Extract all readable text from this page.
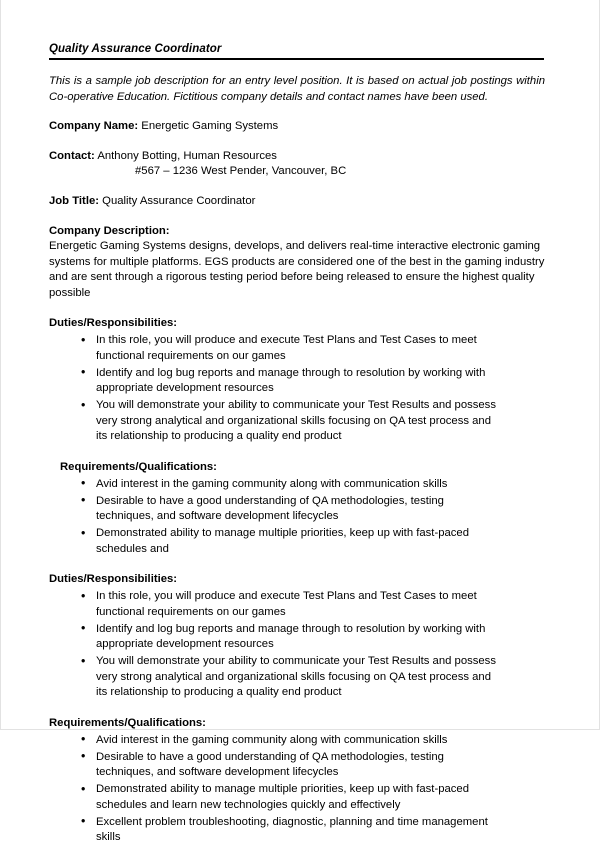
Quality Assurance Coordinator
This is a sample job description for an entry level position. It is based on actual job postings within Co-operative Education. Fictitious company details and contact names have been used.
Company Name: Energetic Gaming Systems
Contact: Anthony Botting, Human Resources
#567 – 1236 West Pender, Vancouver, BC
Job Title: Quality Assurance Coordinator
Company Description:
Energetic Gaming Systems designs, develops, and delivers real-time interactive electronic gaming systems for multiple platforms. EGS products are considered one of the best in the gaming industry and are sent through a rigorous testing period before being released to ensure the highest quality possible
Duties/Responsibilities:
• In this role, you will produce and execute Test Plans and Test Cases to meet functional requirements on our games
• Identify and log bug reports and manage through to resolution by working with appropriate development resources
• You will demonstrate your ability to communicate your Test Results and possess very strong analytical and organizational skills focusing on QA test process and its relationship to producing a quality end product
Requirements/Qualifications:
• Avid interest in the gaming community along with communication skills
• Desirable to have a good understanding of QA methodologies, testing techniques, and software development lifecycles
• Demonstrated ability to manage multiple priorities, keep up with fast-paced schedules and
Duties/Responsibilities:
• In this role, you will produce and execute Test Plans and Test Cases to meet functional requirements on our games
• Identify and log bug reports and manage through to resolution by working with appropriate development resources
• You will demonstrate your ability to communicate your Test Results and possess very strong analytical and organizational skills focusing on QA test process and its relationship to producing a quality end product
Requirements/Qualifications:
• Avid interest in the gaming community along with communication skills
• Desirable to have a good understanding of QA methodologies, testing techniques, and software development lifecycles
• Demonstrated ability to manage multiple priorities, keep up with fast-paced schedules and learn new technologies quickly and effectively
• Excellent problem troubleshooting, diagnostic, planning and time management skills
